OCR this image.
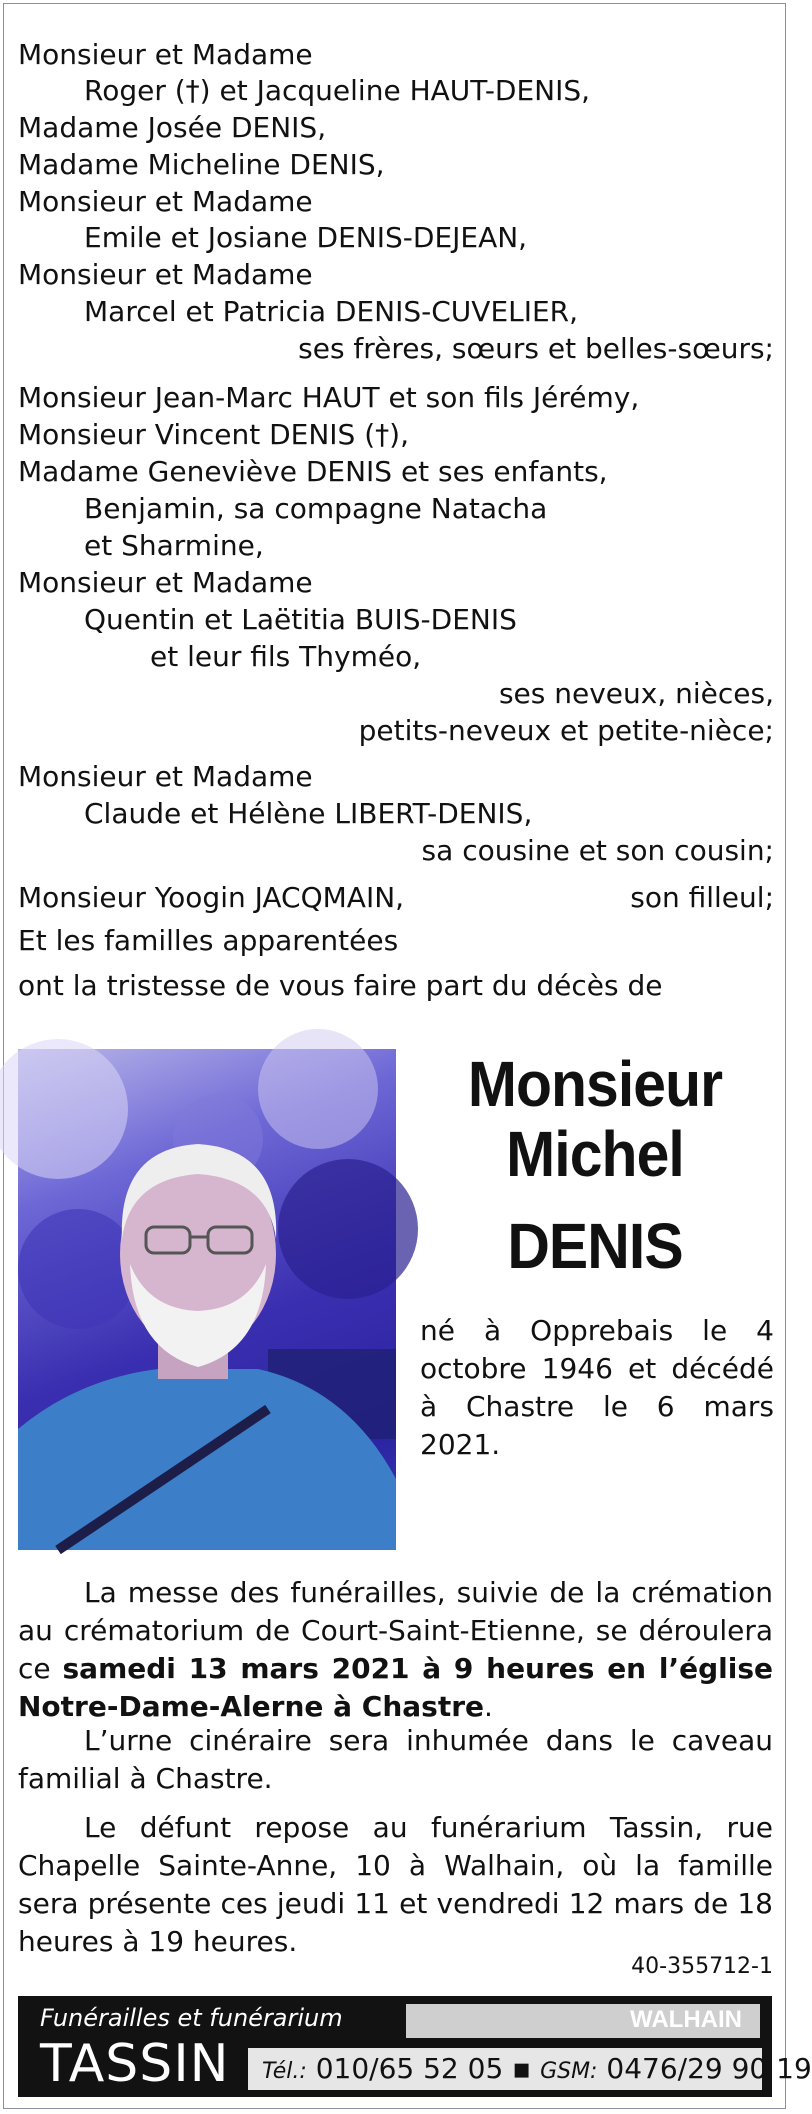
Monsieur et Madame
Roger (†) et Jacqueline HAUT-DENIS,
Madame Josée DENIS,
Madame Micheline DENIS,
Monsieur et Madame
Emile et Josiane DENIS-DEJEAN,
Monsieur et Madame
Marcel et Patricia DENIS-CUVELIER,
ses frères, sœurs et belles-sœurs;
Monsieur Jean-Marc HAUT et son fils Jérémy,
Monsieur Vincent DENIS (†),
Madame Geneviève DENIS et ses enfants,
Benjamin, sa compagne Natacha
et Sharmine,
Monsieur et Madame
Quentin et Laëtitia BUIS-DENIS
et leur fils Thyméo,
ses neveux, nièces,
petits-neveux et petite-nièce;
Monsieur et Madame
Claude et Hélène LIBERT-DENIS,
sa cousine et son cousin;
Monsieur Yoogin JACQMAIN,	son filleul;
Et les familles apparentées
ont la tristesse de vous faire part du décès de
Monsieur
Michel
DENIS
né à Opprebais le 4 octobre 1946 et décédé à Chastre le 6 mars 2021.
La messe des funérailles, suivie de la crémation au crématorium de Court-Saint-Etienne, se déroulera ce samedi 13 mars 2021 à 9 heures en l’église Notre-Dame-Alerne à Chastre.
L’urne cinéraire sera inhumée dans le caveau familial à Chastre.
Le défunt repose au funérarium Tassin, rue Chapelle Sainte-Anne, 10 à Walhain, où la famille sera présente ces jeudi 11 et vendredi 12 mars de 18 heures à 19 heures.
40-355712-1
Funérailles et funérarium
TASSIN
WALHAIN
Tél.: 010/65 52 05 ▪ GSM: 0476/29 90 19
